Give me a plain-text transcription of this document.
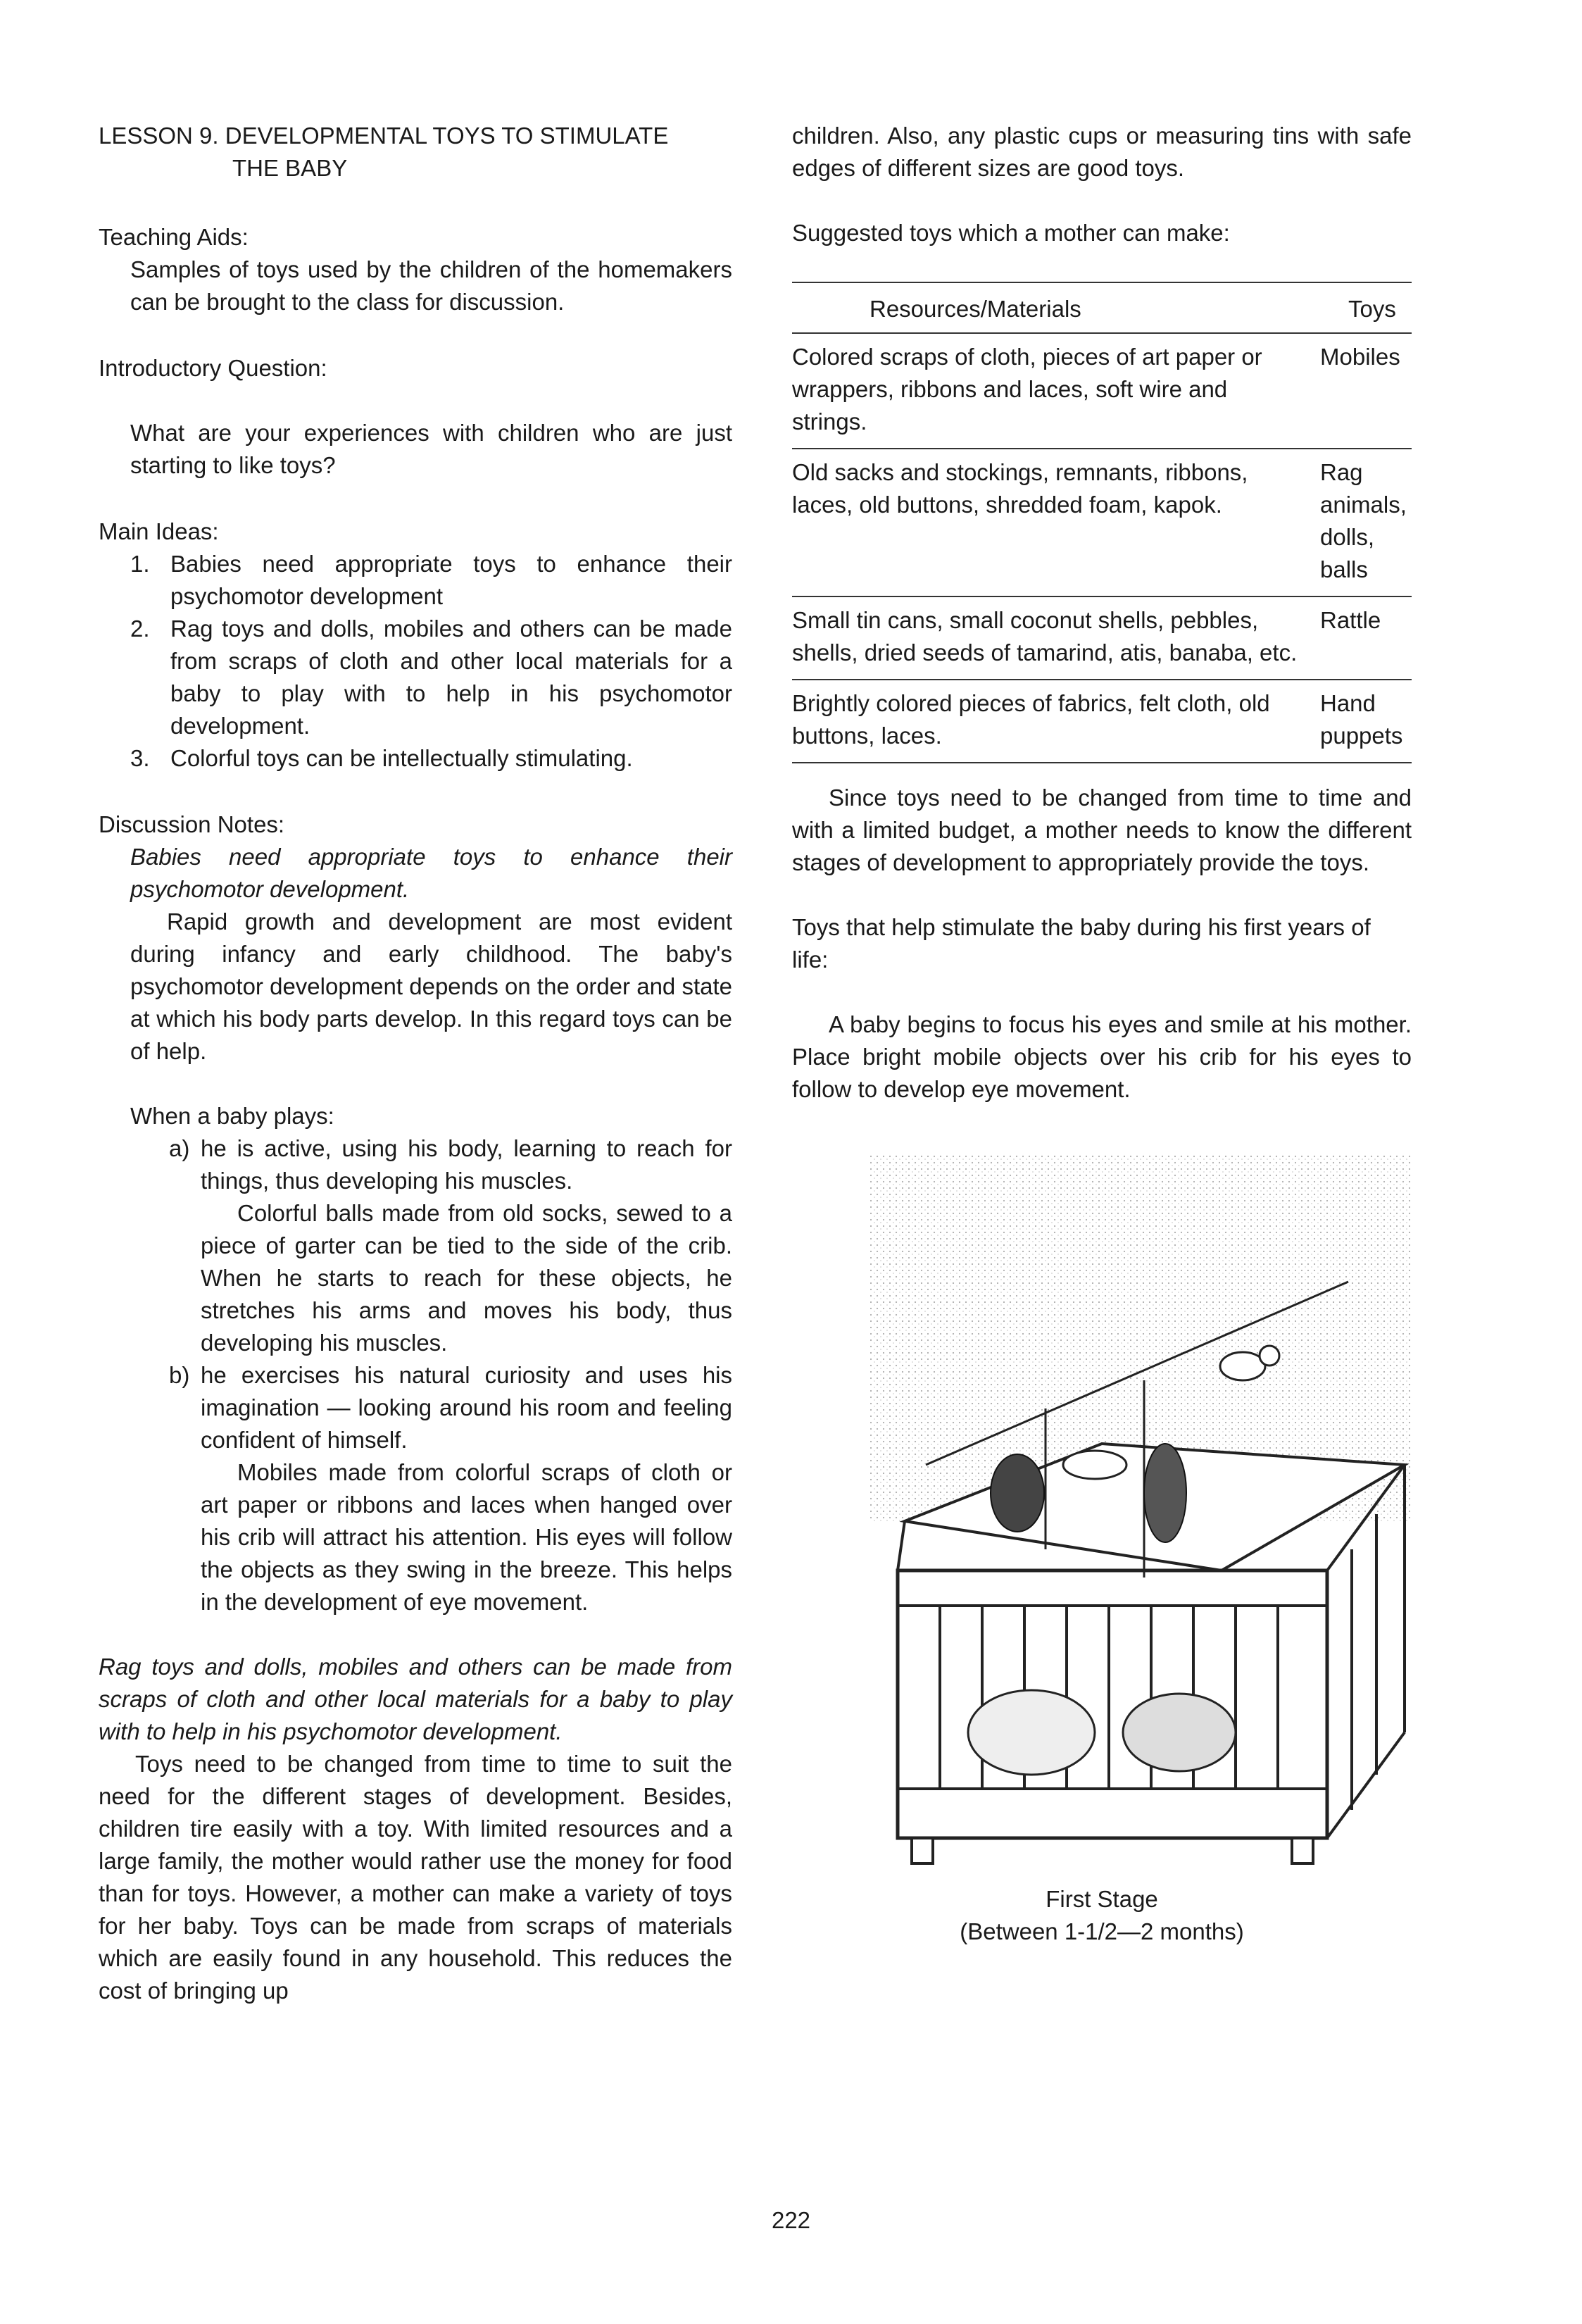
LESSON 9. DEVELOPMENTAL TOYS TO STIMULATE

THE BABY

Teaching Aids:

Samples of toys used by the children of the homemakers can be brought to the class for discussion.

Introductory Question:

What are your experiences with children who are just starting to like toys?

Main Ideas:

1. Babies need appropriate toys to enhance their psychomotor development
2. Rag toys and dolls, mobiles and others can be made from scraps of cloth and other local materials for a baby to play with to help in his psychomotor development.
3. Colorful toys can be intellectually stimulating.

Discussion Notes:

Babies need appropriate toys to enhance their psychomotor development.

Rapid growth and development are most evident during infancy and early childhood. The baby's psychomotor development depends on the order and state at which his body parts develop. In this regard toys can be of help.

When a baby plays:

a) he is active, using his body, learning to reach for things, thus developing his muscles.

Colorful balls made from old socks, sewed to a piece of garter can be tied to the side of the crib. When he starts to reach for these objects, he stretches his arms and moves his body, thus developing his muscles.

b) he exercises his natural curiosity and uses his imagination — looking around his room and feeling confident of himself.

Mobiles made from colorful scraps of cloth or art paper or ribbons and laces when hanged over his crib will attract his attention. His eyes will follow the objects as they swing in the breeze. This helps in the development of eye movement.

Rag toys and dolls, mobiles and others can be made from scraps of cloth and other local materials for a baby to play with to help in his psychomotor development.

Toys need to be changed from time to time to suit the need for the different stages of development. Besides, children tire easily with a toy. With limited resources and a large family, the mother would rather use the money for food than for toys. However, a mother can make a variety of toys for her baby. Toys can be made from scraps of materials which are easily found in any household. This reduces the cost of bringing up

children. Also, any plastic cups or measuring tins with safe edges of different sizes are good toys.

Suggested toys which a mother can make:

Resources/Materials	Toys
Colored scraps of cloth, pieces of art paper or wrappers, ribbons and laces, soft wire and strings.	Mobiles
Old sacks and stockings, remnants, ribbons, laces, old buttons, shredded foam, kapok.	Rag animals, dolls, balls
Small tin cans, small coconut shells, pebbles, shells, dried seeds of tamarind, atis, banaba, etc.	Rattle
Brightly colored pieces of fabrics, felt cloth, old buttons, laces.	Hand puppets

Since toys need to be changed from time to time and with a limited budget, a mother needs to know the different stages of development to appropriately provide the toys.

Toys that help stimulate the baby during his first years of life:

A baby begins to focus his eyes and smile at his mother. Place bright mobile objects over his crib for his eyes to follow to develop eye movement.

First Stage

(Between 1-1/2—2 months)

222
